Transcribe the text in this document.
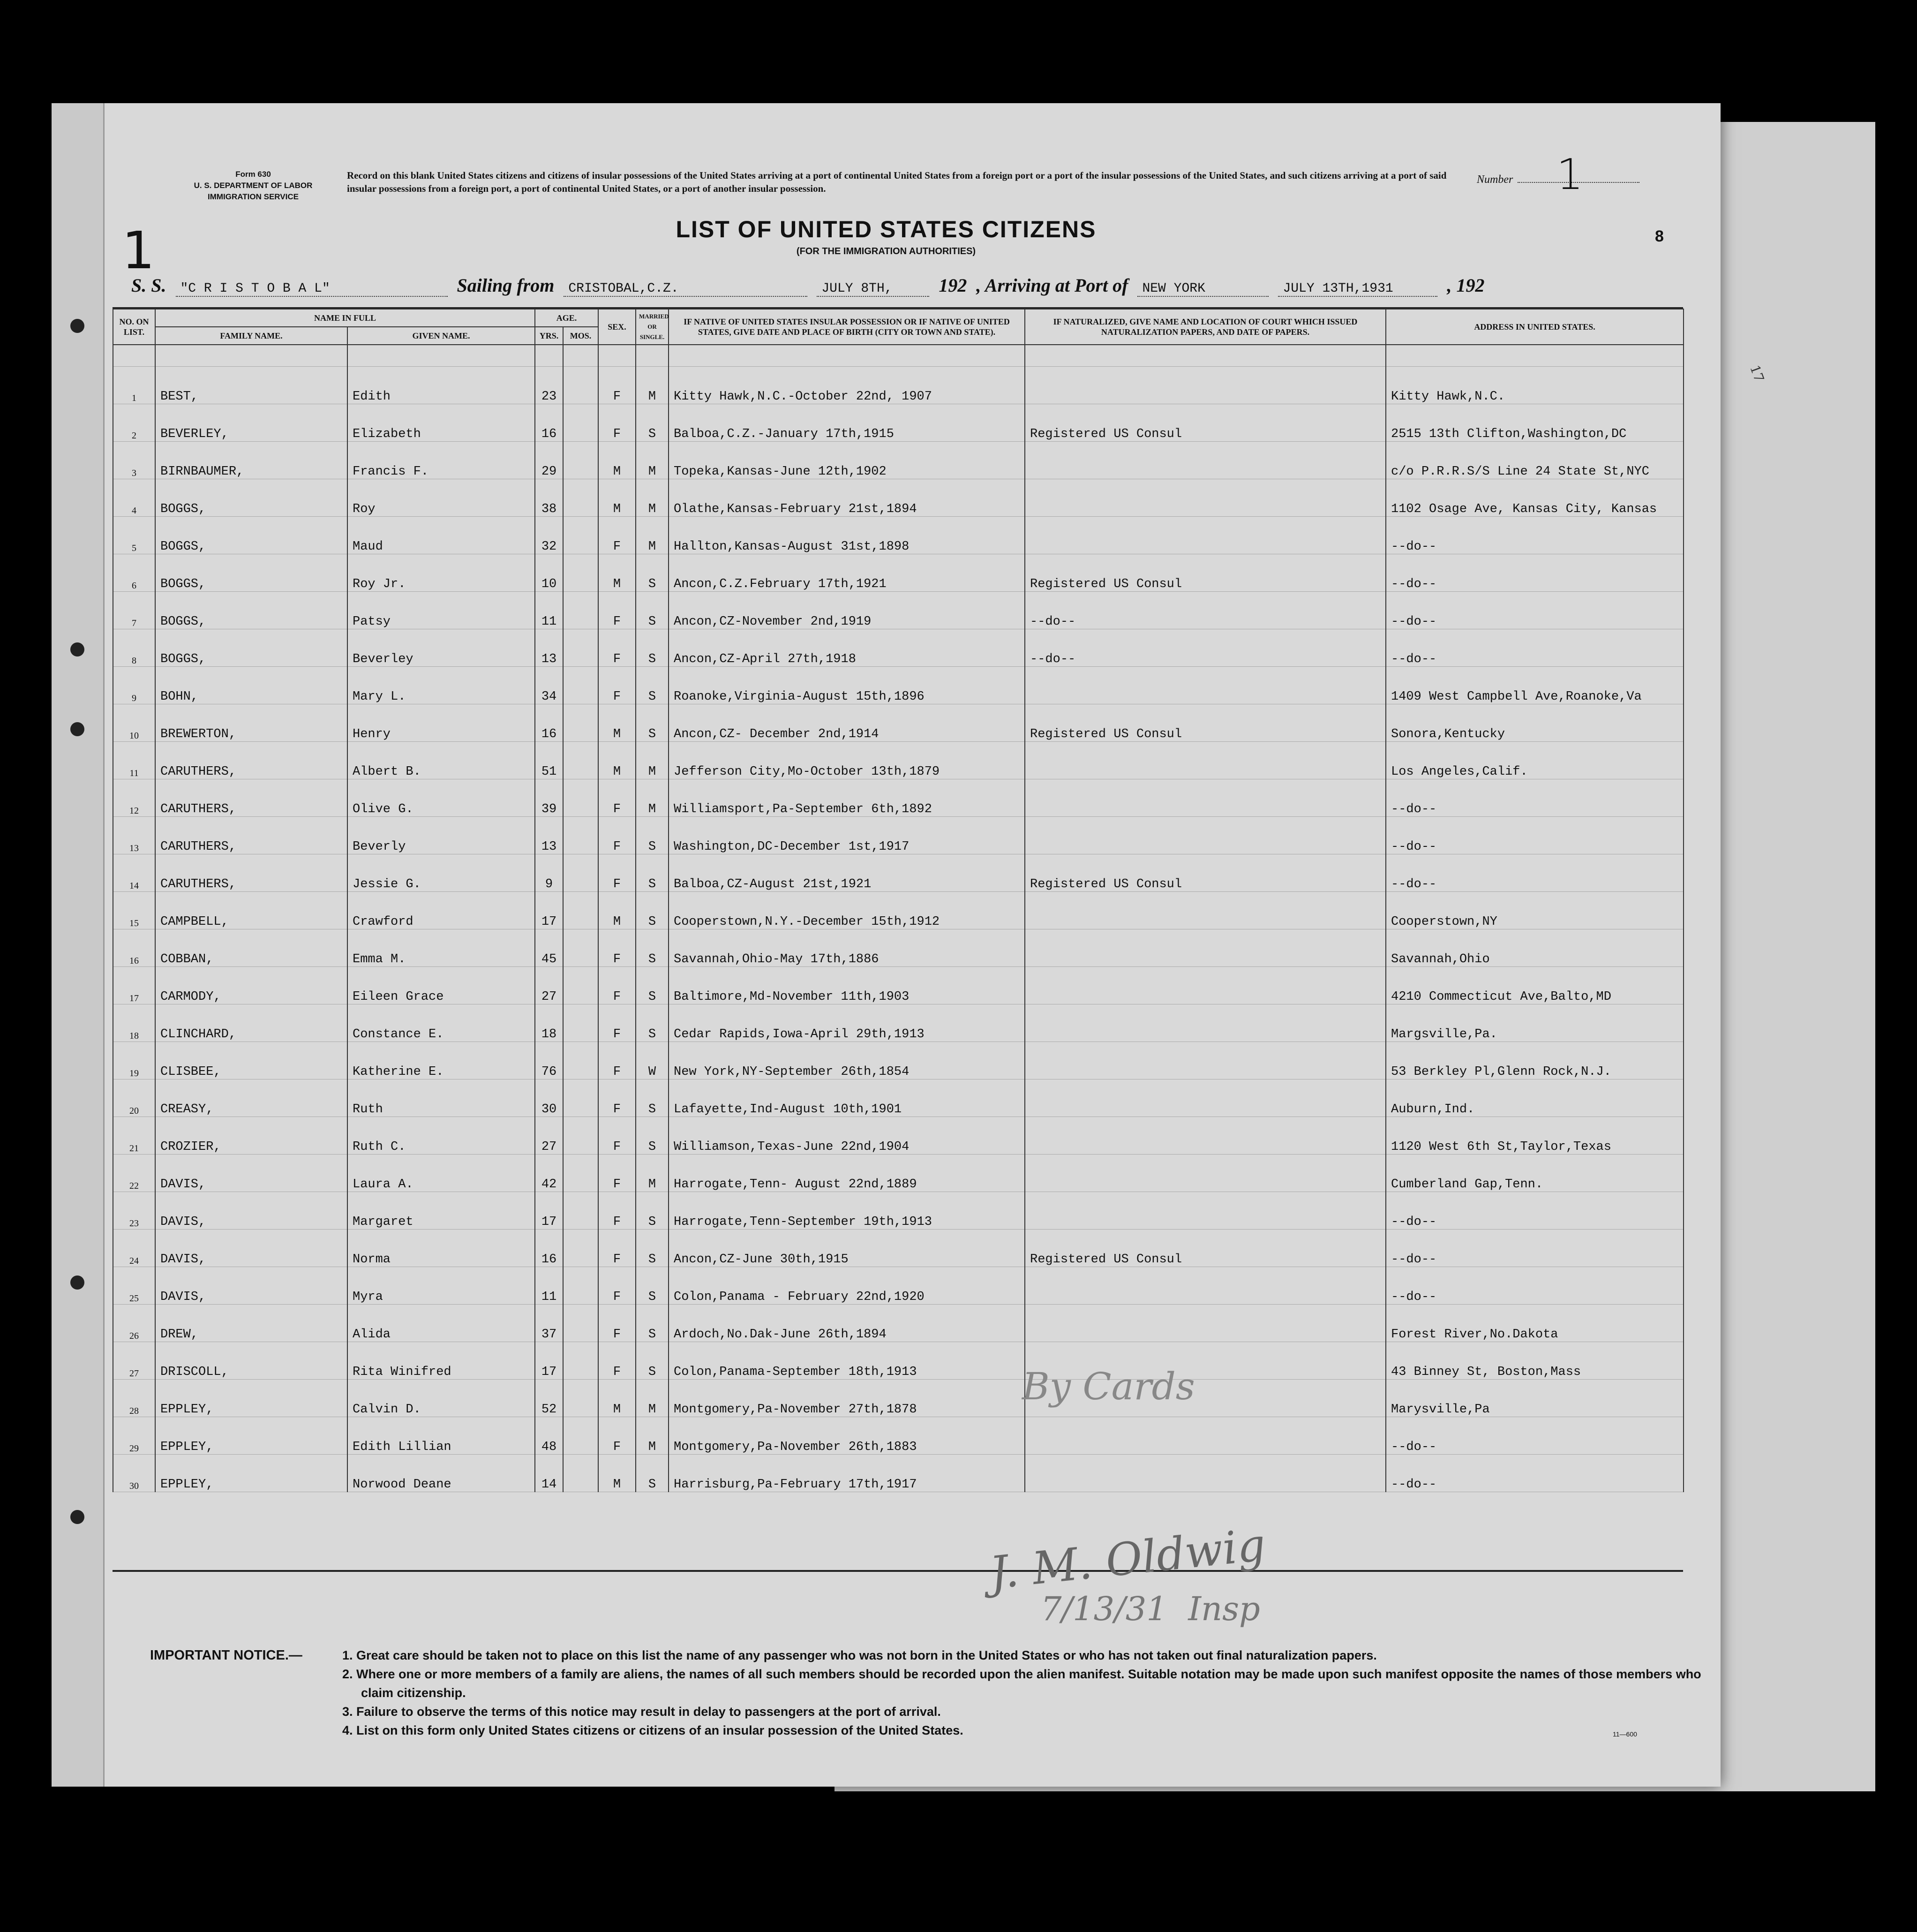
Form 630
U. S. DEPARTMENT OF LABOR
IMMIGRATION SERVICE
Record on this blank United States citizens and citizens of insular possessions of the United States arriving at a port of continental United States from a foreign port or a port of the insular possessions of the United States, and such citizens arriving at a port of said insular possessions from a foreign port, a port of continental United States, or a port of another insular possession.
Number	1
1	8
LIST OF UNITED STATES CITIZENS
(FOR THE IMMIGRATION AUTHORITIES)
S. S. "C R I S T O B A L"	Sailing from CRISTOBAL,C.Z.	JULY 8TH, 192 , Arriving at Port of NEW YORK	JULY 13TH,1931	, 192
NO. ON LIST.	NAME IN FULL		AGE.		SEX.	MARRIED OR SINGLE.	IF NATIVE OF UNITED STATES INSULAR POSSESSION OR IF NATIVE OF UNITED STATES, GIVE DATE AND PLACE OF BIRTH (CITY OR TOWN AND STATE).	IF NATURALIZED, GIVE NAME AND LOCATION OF COURT WHICH ISSUED NATURALIZATION PAPERS, AND DATE OF PAPERS.	ADDRESS IN UNITED STATES.
	FAMILY NAME.	GIVEN NAME.	YRS.	MOS.					

1	BEST,	Edith	23		F	M	Kitty Hawk,N.C.-October 22nd, 1907		Kitty Hawk,N.C.
2	BEVERLEY,	Elizabeth	16		F	S	Balboa,C.Z.-January 17th,1915	Registered US Consul	2515 13th Clifton,Washington,DC
3	BIRNBAUMER,	Francis F.	29		M	M	Topeka,Kansas-June 12th,1902		c/o P.R.R.S/S Line 24 State St,NYC
4	BOGGS,	Roy	38		M	M	Olathe,Kansas-February 21st,1894		1102 Osage Ave, Kansas City, Kansas
5	BOGGS,	Maud	32		F	M	Hallton,Kansas-August 31st,1898		--do--
6	BOGGS,	Roy Jr.	10		M	S	Ancon,C.Z.February 17th,1921	Registered US Consul	--do--
7	BOGGS,	Patsy	11		F	S	Ancon,CZ-November 2nd,1919	--do--	--do--
8	BOGGS,	Beverley	13		F	S	Ancon,CZ-April 27th,1918	--do--	--do--
9	BOHN,	Mary L.	34		F	S	Roanoke,Virginia-August 15th,1896		1409 West Campbell Ave,Roanoke,Va
10	BREWERTON,	Henry	16		M	S	Ancon,CZ- December 2nd,1914	Registered US Consul	Sonora,Kentucky
11	CARUTHERS,	Albert B.	51		M	M	Jefferson City,Mo-October 13th,1879		Los Angeles,Calif.
12	CARUTHERS,	Olive G.	39		F	M	Williamsport,Pa-September 6th,1892		--do--
13	CARUTHERS,	Beverly	13		F	S	Washington,DC-December 1st,1917		--do--
14	CARUTHERS,	Jessie G.	9		F	S	Balboa,CZ-August 21st,1921	Registered US Consul	--do--
15	CAMPBELL,	Crawford	17		M	S	Cooperstown,N.Y.-December 15th,1912		Cooperstown,NY
16	COBBAN,	Emma M.	45		F	S	Savannah,Ohio-May 17th,1886		Savannah,Ohio
17	CARMODY,	Eileen Grace	27		F	S	Baltimore,Md-November 11th,1903		4210 Commecticut Ave,Balto,MD
18	CLINCHARD,	Constance E.	18		F	S	Cedar Rapids,Iowa-April 29th,1913		Margsville,Pa.
19	CLISBEE,	Katherine E.	76		F	W	New York,NY-September 26th,1854		53 Berkley Pl,Glenn Rock,N.J.
20	CREASY,	Ruth	30		F	S	Lafayette,Ind-August 10th,1901		Auburn,Ind.
21	CROZIER,	Ruth C.	27		F	S	Williamson,Texas-June 22nd,1904		1120 West 6th St,Taylor,Texas
22	DAVIS,	Laura A.	42		F	M	Harrogate,Tenn- August 22nd,1889		Cumberland Gap,Tenn.
23	DAVIS,	Margaret	17		F	S	Harrogate,Tenn-September 19th,1913		--do--
24	DAVIS,	Norma	16		F	S	Ancon,CZ-June 30th,1915	Registered US Consul	--do--
25	DAVIS,	Myra	11		F	S	Colon,Panama - February 22nd,1920		--do--
26	DREW,	Alida	37		F	S	Ardoch,No.Dak-June 26th,1894		Forest River,No.Dakota
27	DRISCOLL,	Rita Winifred	17		F	S	Colon,Panama-September 18th,1913		43 Binney St, Boston,Mass
28	EPPLEY,	Calvin D.	52		M	M	Montgomery,Pa-November 27th,1878		Marysville,Pa
29	EPPLEY,	Edith Lillian	48		F	M	Montgomery,Pa-November 26th,1883		--do--
30	EPPLEY,	Norwood Deane	14		M	S	Harrisburg,Pa-February 17th,1917		--do--
By Cards
J. M. Oldwig
7/13/31 Insp
17
IMPORTANT NOTICE.—	1. Great care should be taken not to place on this list the name of any passenger who was not born in the United States or who has not taken out final naturalization papers.
2. Where one or more members of a family are aliens, the names of all such members should be recorded upon the alien manifest. Suitable notation may be made upon such manifest opposite the names of those members who claim citizenship.
3. Failure to observe the terms of this notice may result in delay to passengers at the port of arrival.
4. List on this form only United States citizens or citizens of an insular possession of the United States.	11—600
